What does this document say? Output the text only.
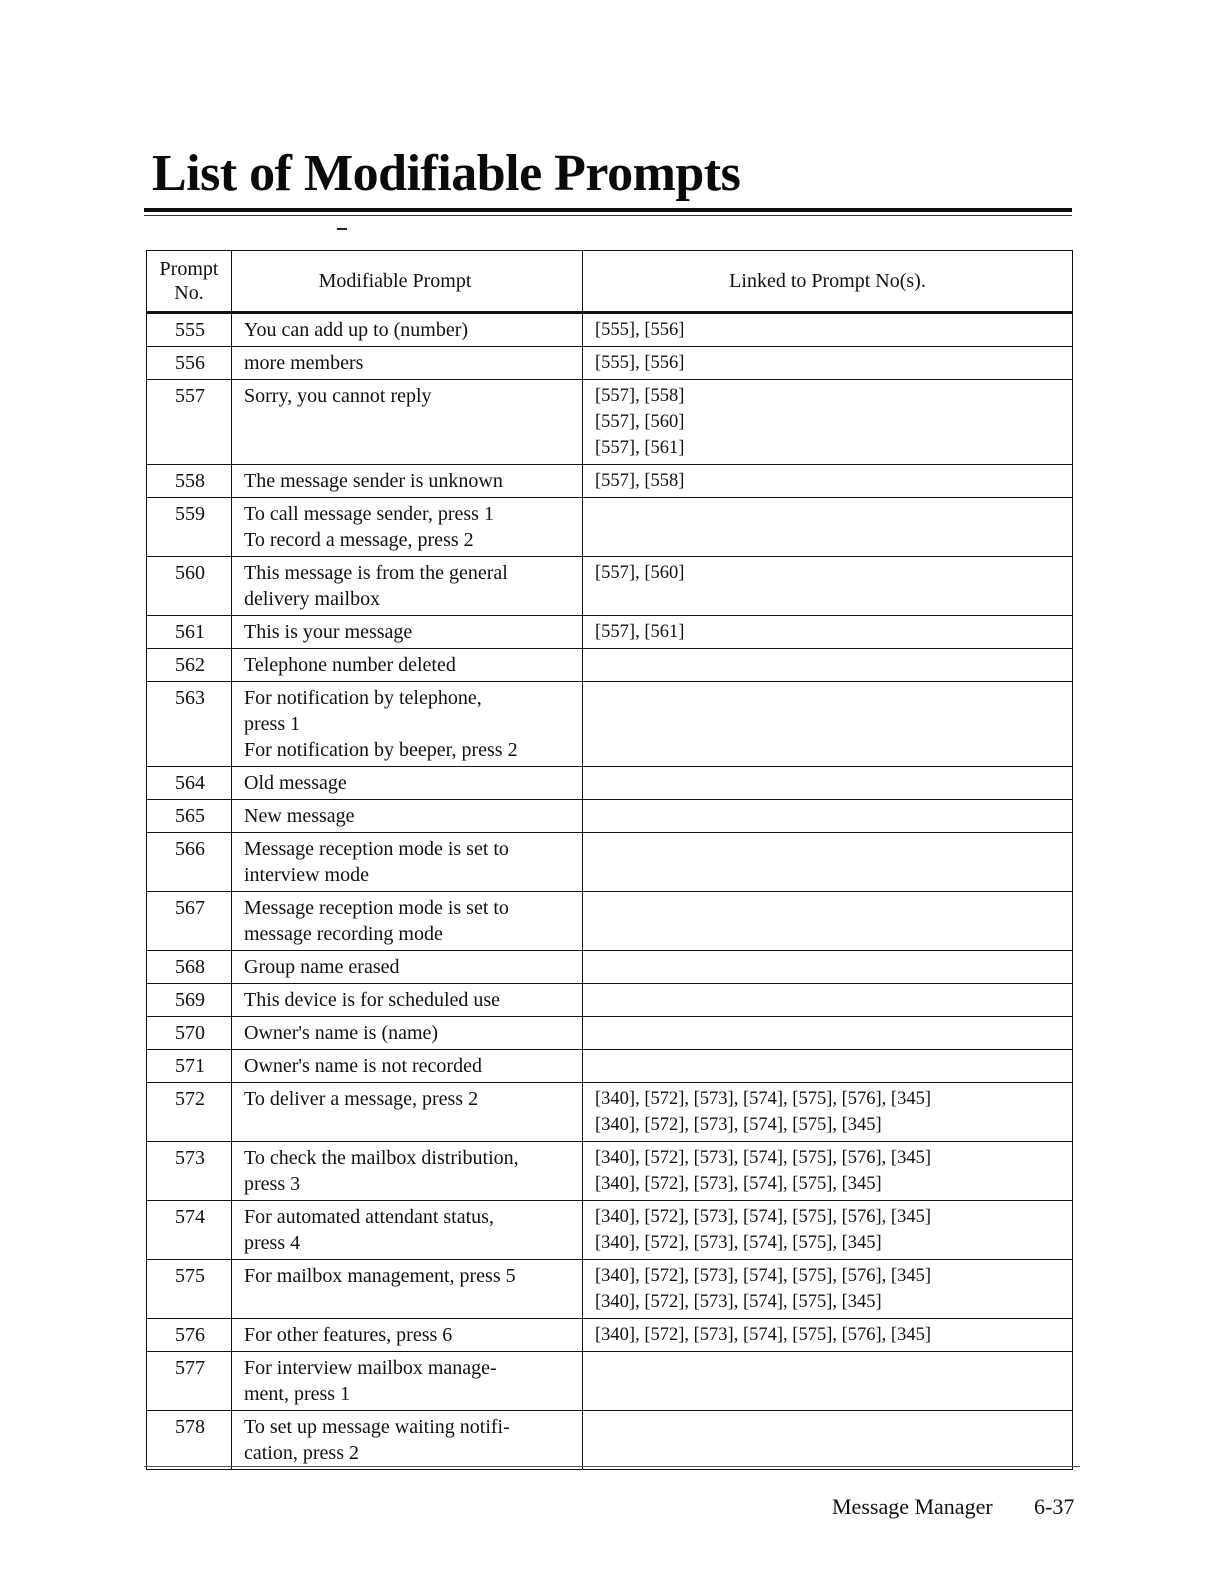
List of Modifiable Prompts
Prompt
No.	Modifiable Prompt	Linked to Prompt No(s).
555	You can add up to (number)	[555], [556]
556	more members	[555], [556]
557	Sorry, you cannot reply	[557], [558]
[557], [560]
[557], [561]
558	The message sender is unknown	[557], [558]
559	To call message sender, press 1
To record a message, press 2	
560	This message is from the general
delivery mailbox	[557], [560]
561	This is your message	[557], [561]
562	Telephone number deleted	
563	For notification by telephone,
press 1
For notification by beeper, press 2	
564	Old message	
565	New message	
566	Message reception mode is set to
interview mode	
567	Message reception mode is set to
message recording mode	
568	Group name erased	
569	This device is for scheduled use	
570	Owner's name is (name)	
571	Owner's name is not recorded	
572	To deliver a message, press 2	[340], [572], [573], [574], [575], [576], [345]
[340], [572], [573], [574], [575], [345]
573	To check the mailbox distribution,
press 3	[340], [572], [573], [574], [575], [576], [345]
[340], [572], [573], [574], [575], [345]
574	For automated attendant status,
press 4	[340], [572], [573], [574], [575], [576], [345]
[340], [572], [573], [574], [575], [345]
575	For mailbox management, press 5	[340], [572], [573], [574], [575], [576], [345]
[340], [572], [573], [574], [575], [345]
576	For other features, press 6	[340], [572], [573], [574], [575], [576], [345]
577	For interview mailbox manage-
ment, press 1	
578	To set up message waiting notifi-
cation, press 2	
Message Manager 6-37
